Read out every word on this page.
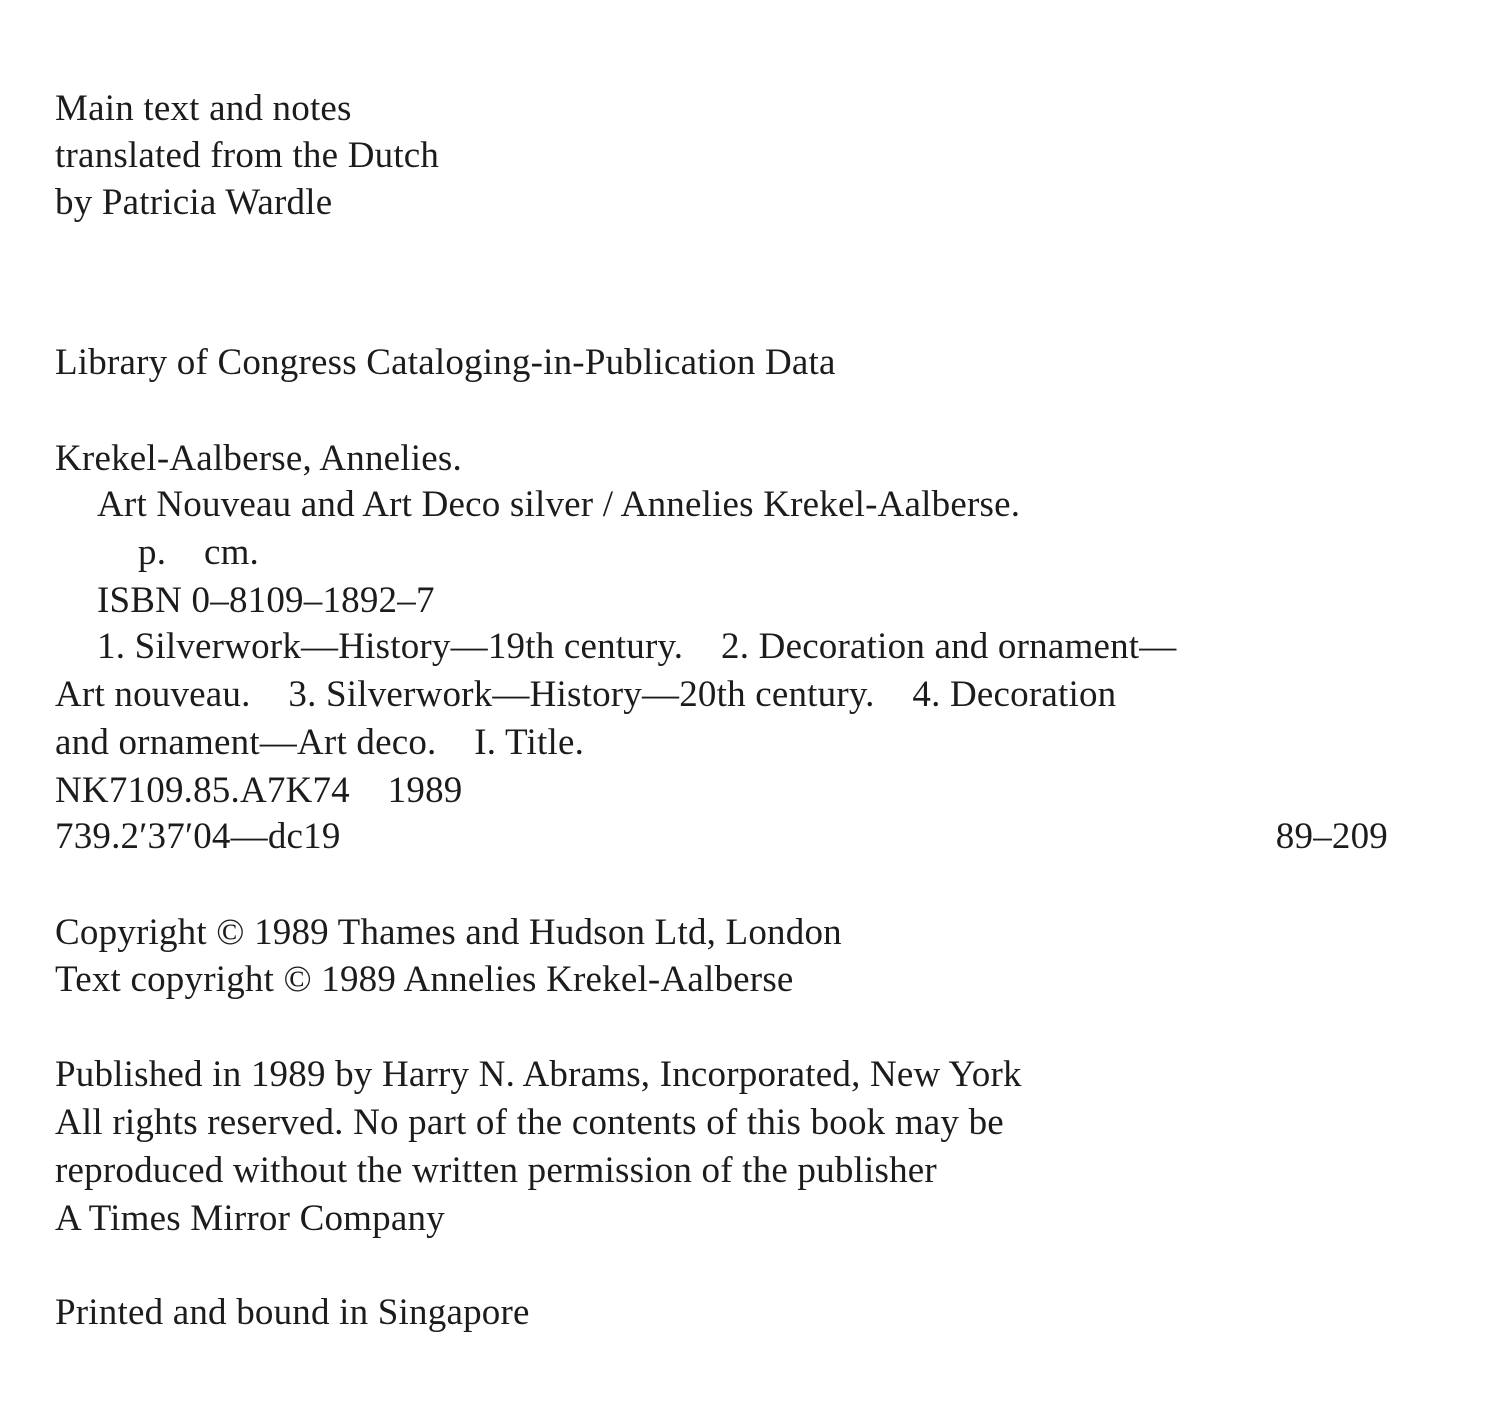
Main text and notes
translated from the Dutch
by Patricia Wardle
Library of Congress Cataloging-in-Publication Data
Krekel-Aalberse, Annelies.
Art Nouveau and Art Deco silver / Annelies Krekel-Aalberse.
p.    cm.
ISBN 0–8109–1892–7
1. Silverwork—History—19th century.    2. Decoration and ornament—
Art nouveau.    3. Silverwork—History—20th century.    4. Decoration
and ornament—Art deco.    I. Title.
NK7109.85.A7K74    1989
739.2′37′04—dc19	89–209
Copyright © 1989 Thames and Hudson Ltd, London
Text copyright © 1989 Annelies Krekel-Aalberse
Published in 1989 by Harry N. Abrams, Incorporated, New York
All rights reserved. No part of the contents of this book may be
reproduced without the written permission of the publisher
A Times Mirror Company
Printed and bound in Singapore
